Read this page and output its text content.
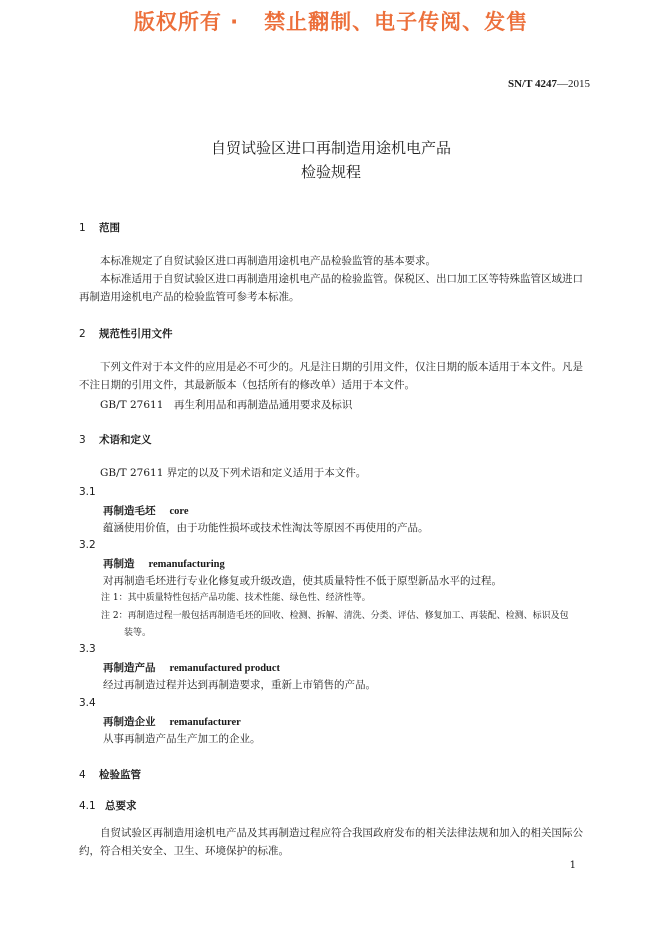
版权所有 ·   禁止翻制、电子传阅、发售
SN/T 4247—2015
自贸试验区进口再制造用途机电产品
检验规程
1 范围
本标准规定了自贸试验区进口再制造用途机电产品检验监管的基本要求。
本标准适用于自贸试验区进口再制造用途机电产品的检验监管。保税区、出口加工区等特殊监管区域进口再制造用途机电产品的检验监管可参考本标准。
2 规范性引用文件
下列文件对于本文件的应用是必不可少的。凡是注日期的引用文件，仅注日期的版本适用于本文件。凡是不注日期的引用文件，其最新版本（包括所有的修改单）适用于本文件。
GB/T 27611　再生利用品和再制造品通用要求及标识
3 术语和定义
GB/T 27611 界定的以及下列术语和定义适用于本文件。
3.1
再制造毛坯 core
蕴涵使用价值，由于功能性损坏或技术性淘汰等原因不再使用的产品。
3.2
再制造 remanufacturing
对再制造毛坯进行专业化修复或升级改造，使其质量特性不低于原型新品水平的过程。
注 1：其中质量特性包括产品功能、技术性能、绿色性、经济性等。
注 2：再制造过程一般包括再制造毛坯的回收、检测、拆解、清洗、分类、评估、修复加工、再装配、检测、标识及包
装等。
3.3
再制造产品 remanufactured product
经过再制造过程并达到再制造要求，重新上市销售的产品。
3.4
再制造企业 remanufacturer
从事再制造产品生产加工的企业。
4 检验监管
4.1 总要求
自贸试验区再制造用途机电产品及其再制造过程应符合我国政府发布的相关法律法规和加入的相关国际公约，符合相关安全、卫生、环境保护的标准。
1
